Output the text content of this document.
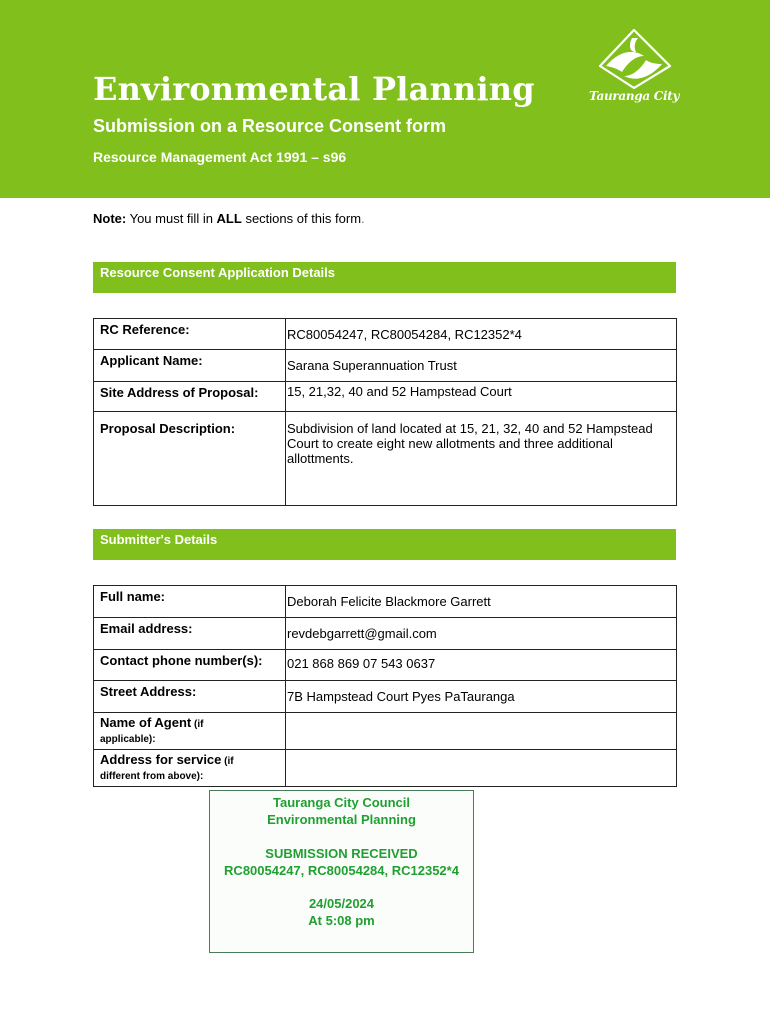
Environmental Planning
Submission on a Resource Consent form
Resource Management Act 1991 – s96
Tauranga City
Note: You must fill in ALL sections of this form.
Resource Consent Application Details
RC Reference:	RC80054247, RC80054284, RC12352*4
Applicant Name:	Sarana Superannuation Trust
Site Address of Proposal:	15, 21,32, 40 and 52 Hampstead Court
Proposal Description:	Subdivision of land located at 15, 21, 32, 40 and 52 Hampstead Court to create eight new allotments and three additional allottments.
Submitter's Details
Full name:	Deborah Felicite Blackmore Garrett
Email address:	revdebgarrett@gmail.com
Contact phone number(s):	021 868 869 07 543 0637
Street Address:	7B Hampstead Court Pyes PaTauranga
Name of Agent (if
applicable):	
Address for service (if
different from above):	
Tauranga City Council
Environmental Planning
SUBMISSION RECEIVED
RC80054247, RC80054284, RC12352*4
24/05/2024
At 5:08 pm
